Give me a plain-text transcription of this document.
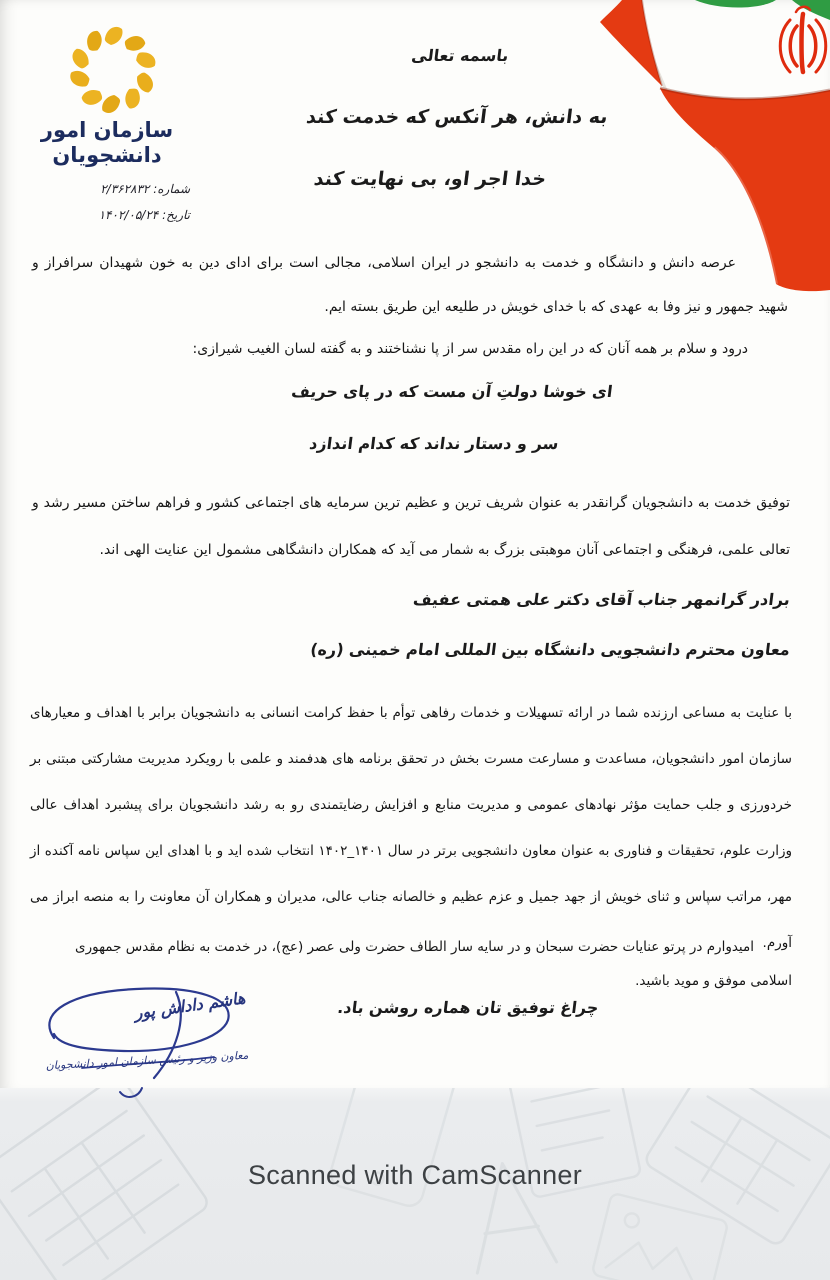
سازمان امور
دانشجویان
شماره: ۲/۳۶۲۸۳۲
تاریخ: ۱۴۰۲/۰۵/۲۴
باسمه تعالی
به دانش، هر آنکس که خدمت کند
خدا اجر او، بی نهایت کند
عرصه دانش و دانشگاه و خدمت به دانشجو در ایران اسلامی، مجالی است برای ادای دین به خون شهیدان سرافراز و شهید جمهور و نیز وفا به عهدی که با خدای خویش در طلیعه این طریق بسته ایم.
درود و سلام بر همه آنان که در این راه مقدس سر از پا نشناختند و به گفته لسان الغیب شیرازی:
ای خوشا دولتِ آن مست که در پای حریف
سر و دستار نداند که کدام اندازد
توفیق خدمت به دانشجویان گرانقدر به عنوان شریف ترین و عظیم ترین سرمایه های اجتماعی کشور و فراهم ساختن مسیر رشد و تعالی علمی، فرهنگی و اجتماعی آنان موهبتی بزرگ به شمار می آید که همکاران دانشگاهی مشمول این عنایت الهی اند.
برادر گرانمهر جناب آقای دکتر علی همتی عفیف
معاون محترم دانشجویی دانشگاه بین المللی امام خمینی (ره)
با عنایت به مساعی ارزنده شما در ارائه تسهیلات و خدمات رفاهی توأم با حفظ کرامت انسانی به دانشجویان برابر با اهداف و معیارهای سازمان امور دانشجویان، مساعدت و مسارعت مسرت بخش در تحقق برنامه های هدفمند و علمی با رویکرد مدیریت مشارکتی مبتنی بر خردورزی و جلب حمایت مؤثر نهادهای عمومی و مدیریت منابع و افزایش رضایتمندی رو به رشد دانشجویان برای پیشبرد اهداف عالی وزارت علوم، تحقیقات و فناوری به عنوان معاون دانشجویی برتر در سال ۱۴۰۱_۱۴۰۲ انتخاب شده اید و با اهدای این سپاس نامه آکنده از مهر، مراتب سپاس و ثنای خویش از جهد جمیل و عزم عظیم و خالصانه جناب عالی، مدیران و همکاران آن معاونت را به منصه ابراز می آورم.
امیدوارم در پرتو عنایات حضرت سبحان و در سایه سار الطاف حضرت ولی عصر (عج)، در خدمت به نظام مقدس جمهوری اسلامی موفق و موید باشید.
چراغ توفیق تان هماره روشن باد.
هاشم داداش پور
معاون وزیر و رئیس سازمان امور دانشجویان
Scanned with CamScanner
